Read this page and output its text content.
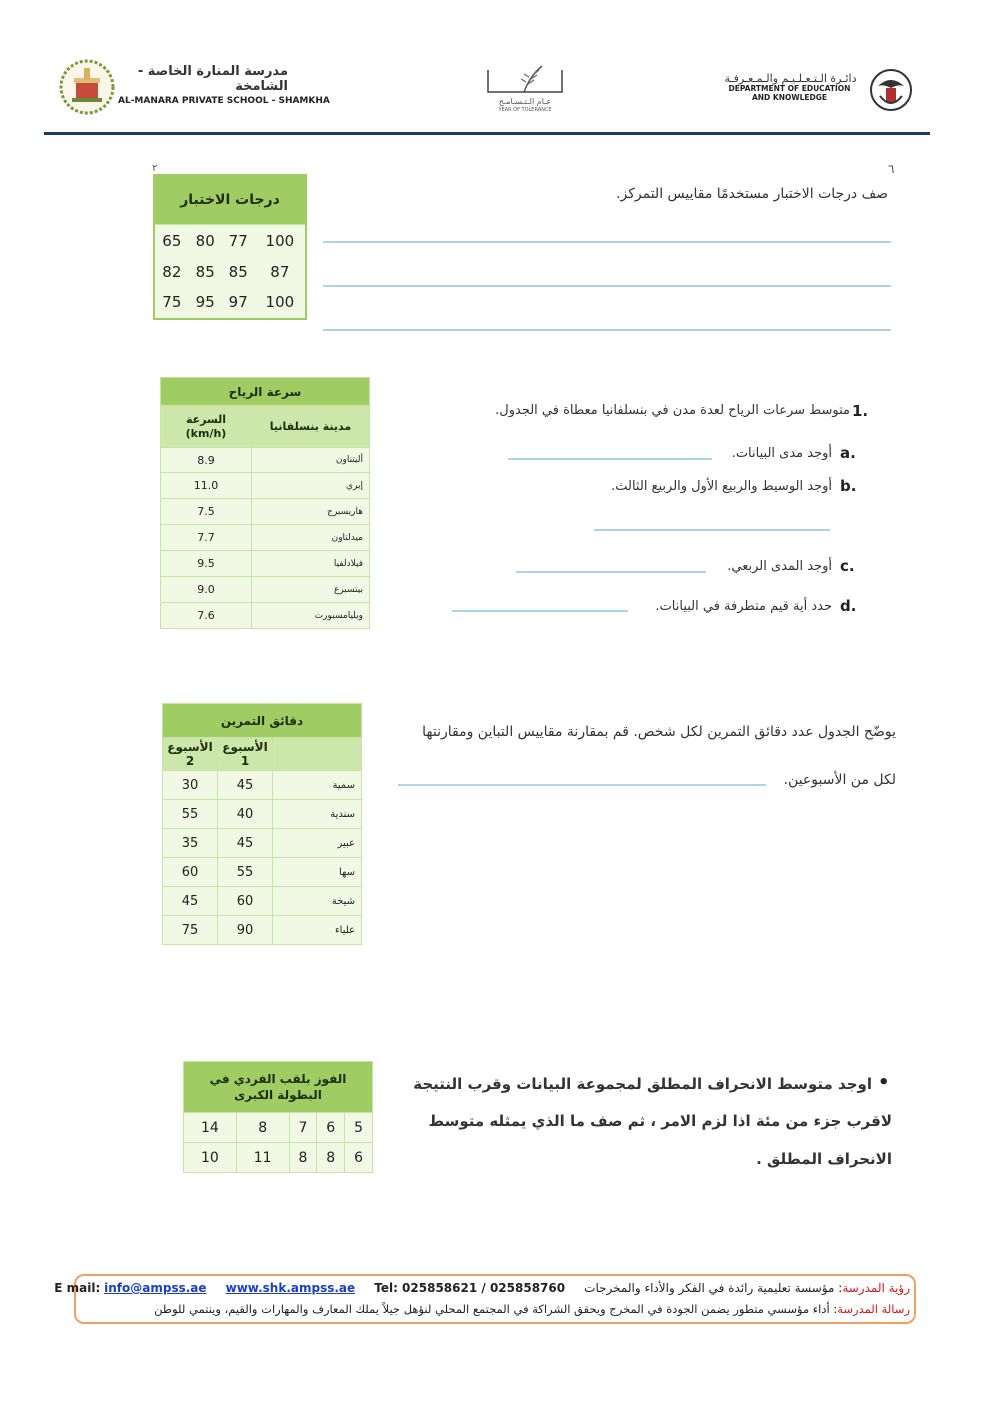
مدرسة المنارة الخاصة - الشامخة
AL-MANARA PRIVATE SCHOOL - SHAMKHA	عـام الـتـسـامـح
YEAR OF TOLERANCE
دائـرة الـتـعـلـيـم والـمـعـرفـة
DEPARTMENT OF EDUCATION
AND KNOWLEDGE
٦
٢
صف درجات الاختبار مستخدمًا مقاييس التمركز.
درجات الاختبار			
65	80	77	100
82	85	85	87
75	95	97	100
سرعة الرياح	

السرعة
(km/h)	مدينة بنسلفانيا
8.9	أليتناون
11.0	إيري
7.5	هاريسبرج
7.7	ميدلتاون
9.5	فيلادلفيا
9.0	بيتسبرغ
7.6	ويليامسبورت
1.
متوسط سرعات الرياح لعدة مدن في بنسلفانيا معطاة في الجدول.
a.
أوجد مدى البيانات.
b.
أوجد الوسيط والربيع الأول والربيع الثالث.
c.
أوجد المدى الربعي.
d.
حدد أية قيم متطرفة في البيانات.
دقائق التمرين		
الأسبوع 2	الأسبوع 1	
30	45	سمية
55	40	سندية
35	45	عبير
60	55	سها
45	60	شيخة
75	90	علياء
يوضّح الجدول عدد دقائق التمرين لكل شخص. قم بمقارنة مقاييس التباين ومقارنتها
لكل من الأسبوعين.
الفوز بلقب الفردي في
البطولة الكبرى				

14	8	7	6	5
10	11	8	8	6
•
اوجد متوسط الانحراف المطلق لمجموعة البيانات وقرب النتيجة
لاقرب جزء من مئة اذا لزم الامر ، ثم صف ما الذي يمثله متوسط
الانحراف المطلق .
رؤية المدرسة: مؤسسة تعليمية رائدة في الفكر والأداء والمخرجات     Tel: 025858621 / 025858760     www.shk.ampss.ae     E mail: info@ampss.ae
رسالة المدرسة: أداء مؤسسي متطور يضمن الجودة في المخرج ويحقق الشراكة في المجتمع المحلي لنؤهل جيلاً يملك المعارف والمهارات والقيم، وينتمي للوطن
